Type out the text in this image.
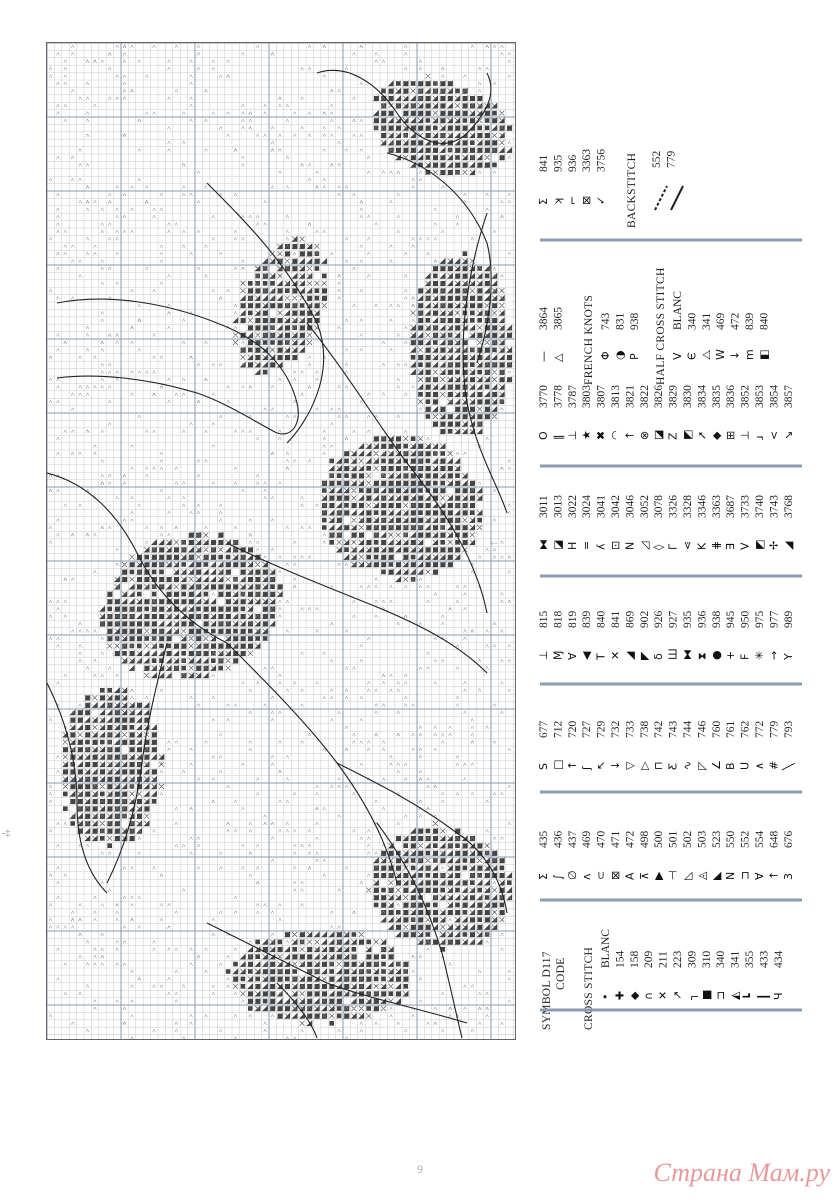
SYMBOL D117 CODE CROSS STITCH •
BLANC
✚
154
◆
158
∩
209
✕
211
↗
223
┐
309
■
310
⊐
340
◭
341
┗
355
┃
433
Ч
434
Σ
435
∫
436
∅
437
ʌ
469
⊂
470
⊠
471
A
472
⊼
498
▶
500
⊣
501
◺
502
◬
503
◣
523
N
550
⊐
552
Ɐ
554
↑
648
3
676
S
677
□
712
↑
720
ʃ
727
↖
729
↓
732
▽
733
▷
738
⊓
742
Ƹ
743
∿
744
◸
746
∠
760
B
761
U
762
∧
772
#
779
╲
793
⊥
815
Ɱ
818
ꓯ
819
◀
839
T
840
✕
841
◢
869
◤
902
δ
926
Ш
927
⧓
935
⧗
936
●
938
+
945
F
950
✳
975
→
977
Y
989
⧓
3011
◪
3013
H
3022
=
3024
ʎ
3041
⊡
3042
Ν
3046
◿
3052
◊
3078
Γ
3326
⋖
3328
K
3346
⋕
3363
∃
3687
V
3733
◩
3740
✢
3743
◢
3768
O
3770
‖
3778
⊥
3787
★
3803
✖
3807
◠
3813
↑
3821
⊗
3822
◪
3826
Z
3829
◩
3830
➚
3834
◆
3835
⊞
3836
⊥
3852
ɹ
3853
<
3854
↘
3857
—
3864
△
3865 FRENCH KNOTS Φ
743
◑
831
P
938 HALF CROSS STITCH V
BLANC
Є
340
⧍
341
W
469
↓
472
m
839
◧
840
Σ
841
ʞ
935
⌐
936
⊠
3363
✓
3756 BACKSTITCH 552 779
-‡
←
9	Страна Мам.ру
